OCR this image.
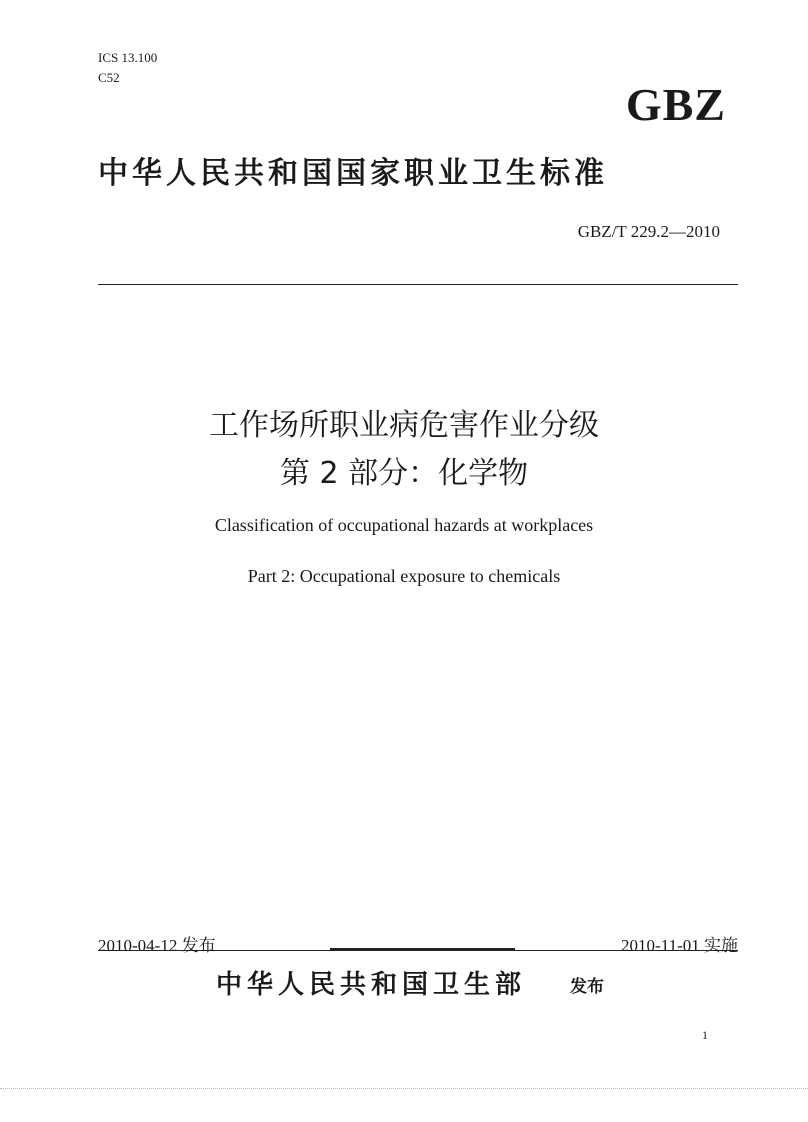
ICS 13.100
C52
GBZ
中华人民共和国国家职业卫生标准
GBZ/T 229.2—2010
工作场所职业病危害作业分级
第 2 部分：化学物
Classification of occupational hazards at workplaces
Part 2: Occupational exposure to chemicals
2010-04-12 发布	2010-11-01 实施
中华人民共和国卫生部	发布
1
